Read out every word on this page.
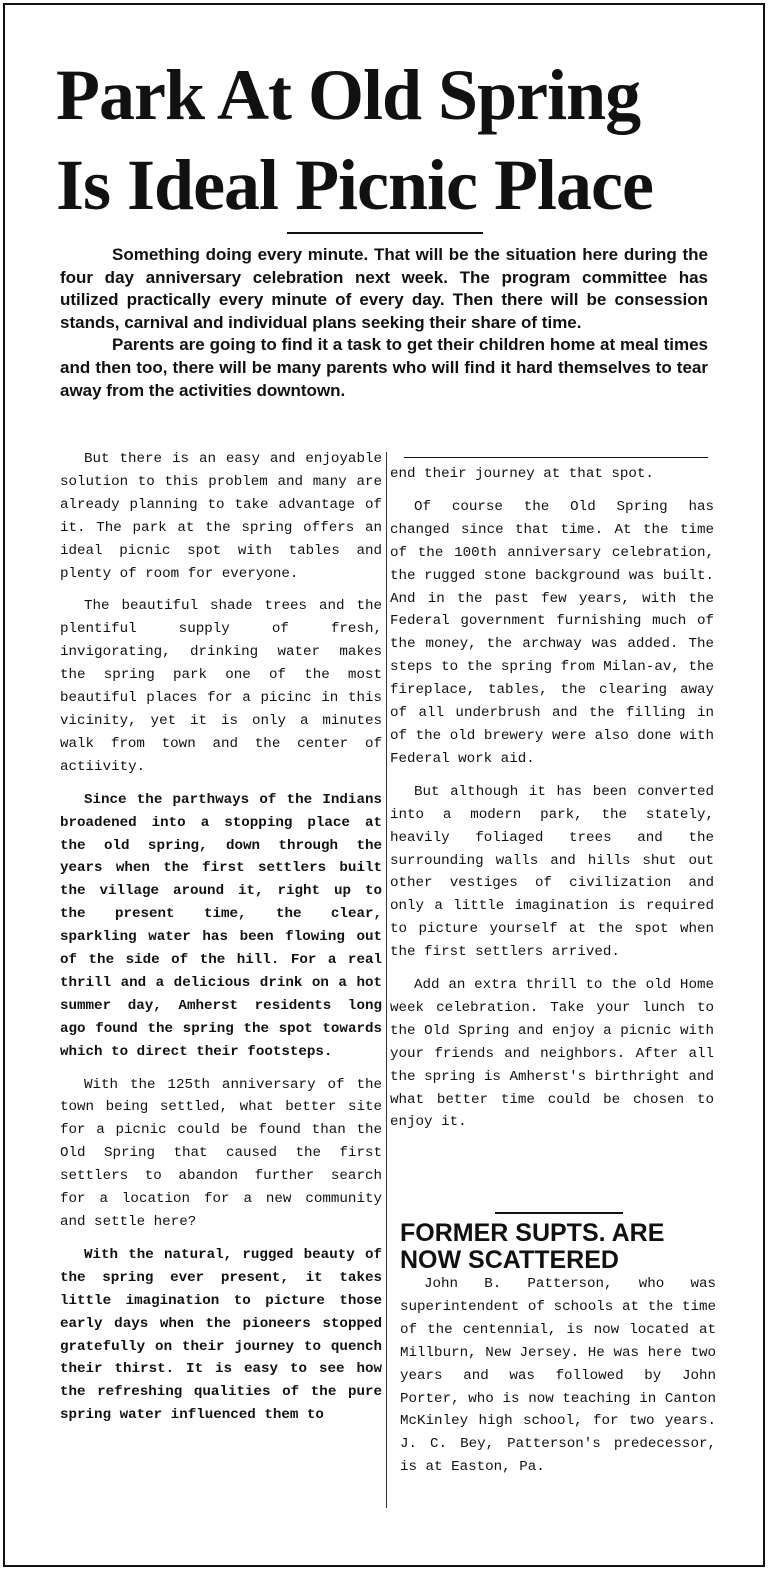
Park At Old Spring
Is Ideal Picnic Place

Something doing every minute. That will be the situation here during the four day anniversary celebration next week. The program committee has utilized practically every minute of every day. Then there will be consession stands, carnival and individual plans seeking their share of time.

Parents are going to find it a task to get their children home at meal times and then too, there will be many parents who will find it hard themselves to tear away from the activities downtown.

But there is an easy and enjoyable solution to this problem and many are already planning to take advantage of it. The park at the spring offers an ideal picnic spot with tables and plenty of room for everyone.

The beautiful shade trees and the plentiful supply of fresh, invigorating, drinking water makes the spring park one of the most beautiful places for a picinc in this vicinity, yet it is only a minutes walk from town and the center of actiivity.

Since the parthways of the Indians broadened into a stopping place at the old spring, down through the years when the first settlers built the village around it, right up to the present time, the clear, sparkling water has been flowing out of the side of the hill. For a real thrill and a delicious drink on a hot summer day, Amherst residents long ago found the spring the spot towards which to direct their footsteps.

With the 125th anniversary of the town being settled, what better site for a picnic could be found than the Old Spring that caused the first settlers to abandon further search for a location for a new community and settle here?

With the natural, rugged beauty of the spring ever present, it takes little imagination to picture those early days when the pioneers stopped gratefully on their journey to quench their thirst. It is easy to see how the refreshing qualities of the pure spring water influenced them to

end their journey at that spot.

Of course the Old Spring has changed since that time. At the time of the 100th anniversary celebration, the rugged stone background was built. And in the past few years, with the Federal government furnishing much of the money, the archway was added. The steps to the spring from Milan-av, the fireplace, tables, the clearing away of all underbrush and the filling in of the old brewery were also done with Federal work aid.

But although it has been converted into a modern park, the stately, heavily foliaged trees and the surrounding walls and hills shut out other vestiges of civilization and only a little imagination is required to picture yourself at the spot when the first settlers arrived.

Add an extra thrill to the old Home week celebration. Take your lunch to the Old Spring and enjoy a picnic with your friends and neighbors. After all the spring is Amherst's birthright and what better time could be chosen to enjoy it.

FORMER SUPTS. ARE
NOW SCATTERED

John B. Patterson, who was superintendent of schools at the time of the centennial, is now located at Millburn, New Jersey. He was here two years and was followed by John Porter, who is now teaching in Canton McKinley high school, for two years. J. C. Bey, Patterson's predecessor, is at Easton, Pa.
